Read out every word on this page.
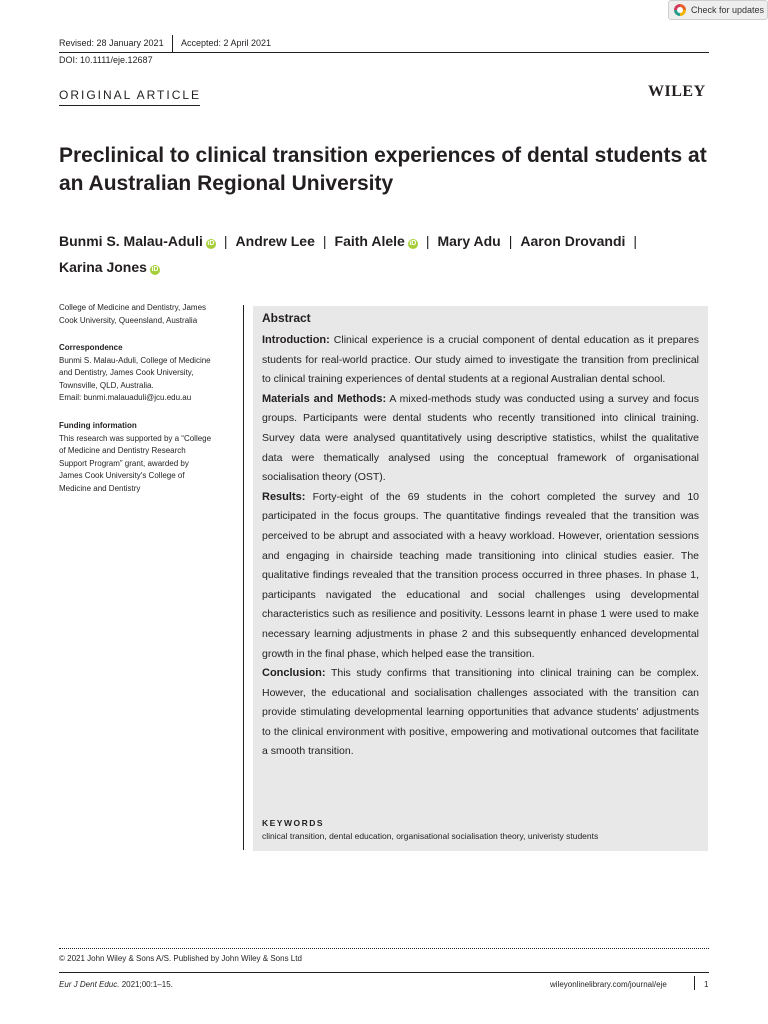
Check for updates
Revised: 28 January 2021 Accepted: 2 April 2021
DOI: 10.1111/eje.12687
ORIGINAL ARTICLE	WILEY
Preclinical to clinical transition experiences of dental students at an Australian Regional University
Bunmi S. Malau-Aduli iD | Andrew Lee | Faith Alele iD | Mary Adu | Aaron Drovandi |
Karina Jones iD
College of Medicine and Dentistry, James
Cook University, Queensland, Australia
Correspondence
Bunmi S. Malau-Aduli, College of Medicine
and Dentistry, James Cook University,
Townsville, QLD, Australia.
Email: bunmi.malauaduli@jcu.edu.au
Funding information
This research was supported by a “College
of Medicine and Dentistry Research
Support Program” grant, awarded by
James Cook University's College of
Medicine and Dentistry
Abstract

Introduction: Clinical experience is a crucial component of dental education as it prepares students for real-world practice. Our study aimed to investigate the transition from preclinical to clinical training experiences of dental students at a regional Australian dental school.

Materials and Methods: A mixed-methods study was conducted using a survey and focus groups. Participants were dental students who recently transitioned into clinical training. Survey data were analysed quantitatively using descriptive statistics, whilst the qualitative data were thematically analysed using the conceptual framework of organisational socialisation theory (OST).

Results: Forty-eight of the 69 students in the cohort completed the survey and 10 participated in the focus groups. The quantitative findings revealed that the transition was perceived to be abrupt and associated with a heavy workload. However, orientation sessions and engaging in chairside teaching made transitioning into clinical studies easier. The qualitative findings revealed that the transition process occurred in three phases. In phase 1, participants navigated the educational and social challenges using developmental characteristics such as resilience and positivity. Lessons learnt in phase 1 were used to make necessary learning adjustments in phase 2 and this subsequently enhanced developmental growth in the final phase, which helped ease the transition.

Conclusion: This study confirms that transitioning into clinical training can be complex. However, the educational and socialisation challenges associated with the transition can provide stimulating developmental learning opportunities that advance students' adjustments to the clinical environment with positive, empowering and motivational outcomes that facilitate a smooth transition.

KEYWORDS
clinical transition, dental education, organisational socialisation theory, univeristy students
© 2021 John Wiley & Sons A/S. Published by John Wiley & Sons Ltd
Eur J Dent Educ. 2021;00:1–15.	wileyonlinelibrary.com/journal/eje	1
